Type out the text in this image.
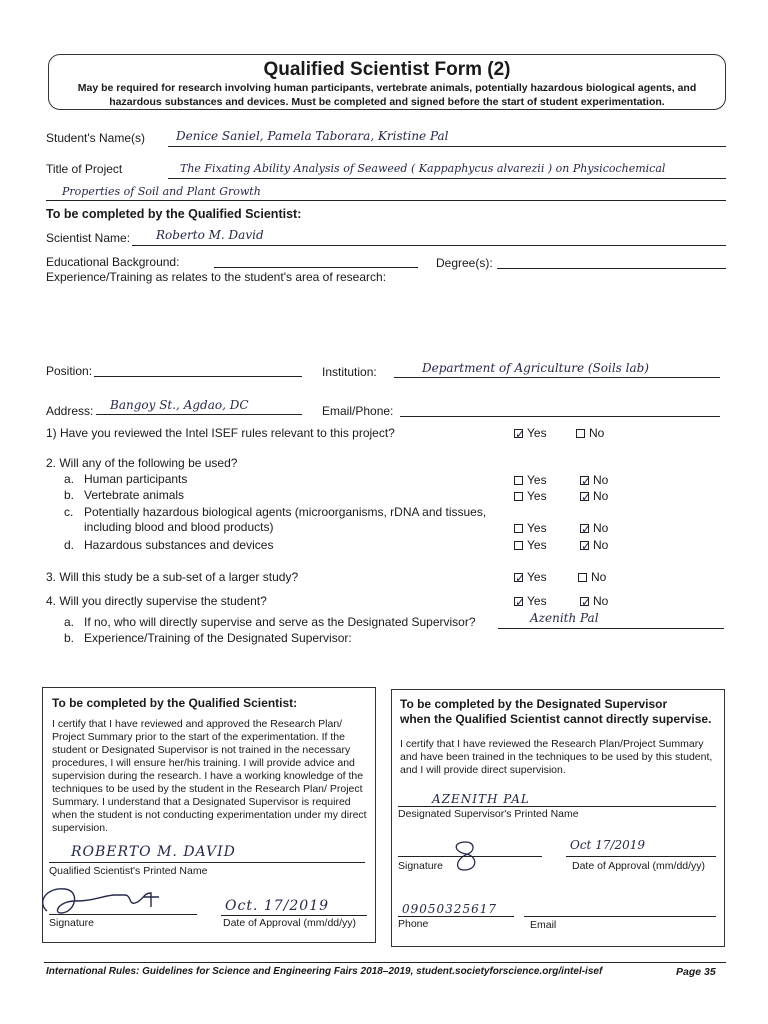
Qualified Scientist Form (2)
May be required for research involving human participants, vertebrate animals, potentially hazardous biological agents, and
hazardous substances and devices. Must be completed and signed before the start of student experimentation.
Student's Name(s)	Denice Saniel, Pamela Taborara, Kristine Pal
Title of Project	The Fixating Ability Analysis of Seaweed ( Kappaphycus alvarezii ) on Physicochemical
Properties of Soil and Plant Growth
To be completed by the Qualified Scientist:
Scientist Name: Roberto M. David
Educational Background:	Degree(s):
Experience/Training as relates to the student's area of research:
Position:	Institution:	Department of Agriculture (Soils lab)
Address: Bangoy St., Agdao, DC	Email/Phone:
1) Have you reviewed the Intel ISEF rules relevant to this project?	✓ Yes	No
2. Will any of the following be used?
a. Human participants	Yes	✓ No
b. Vertebrate animals	Yes	✓ No
c. Potentially hazardous biological agents (microorganisms, rDNA and tissues,
including blood and blood products)	Yes	✓ No
d. Hazardous substances and devices	Yes	✓ No
3. Will this study be a sub-set of a larger study?	✓ Yes	No
4. Will you directly supervise the student?	✓ Yes	✓ No
a. If no, who will directly supervise and serve as the Designated Supervisor?	Azenith Pal
b. Experience/Training of the Designated Supervisor:
To be completed by the Qualified Scientist:
I certify that I have reviewed and approved the Research Plan/ Project Summary prior to the start of the experimentation. If the student or Designated Supervisor is not trained in the necessary procedures, I will ensure her/his training. I will provide advice and supervision during the research. I have a working knowledge of the techniques to be used by the student in the Research Plan/ Project Summary. I understand that a Designated Supervisor is required when the student is not conducting experimentation under my direct supervision.
ROBERTO M. DAVID
Qualified Scientist's Printed Name
Signature
Oct. 17/2019
Date of Approval (mm/dd/yy)
To be completed by the Designated Supervisor
when the Qualified Scientist cannot directly supervise.
I certify that I have reviewed the Research Plan/Project Summary and have been trained in the techniques to be used by this student, and I will provide direct supervision.
AZENITH PAL
Designated Supervisor's Printed Name
Signature
Oct 17/2019
Date of Approval (mm/dd/yy)
09050325617
Phone	Email
International Rules: Guidelines for Science and Engineering Fairs 2018–2019, student.societyforscience.org/intel-isef	Page 35
